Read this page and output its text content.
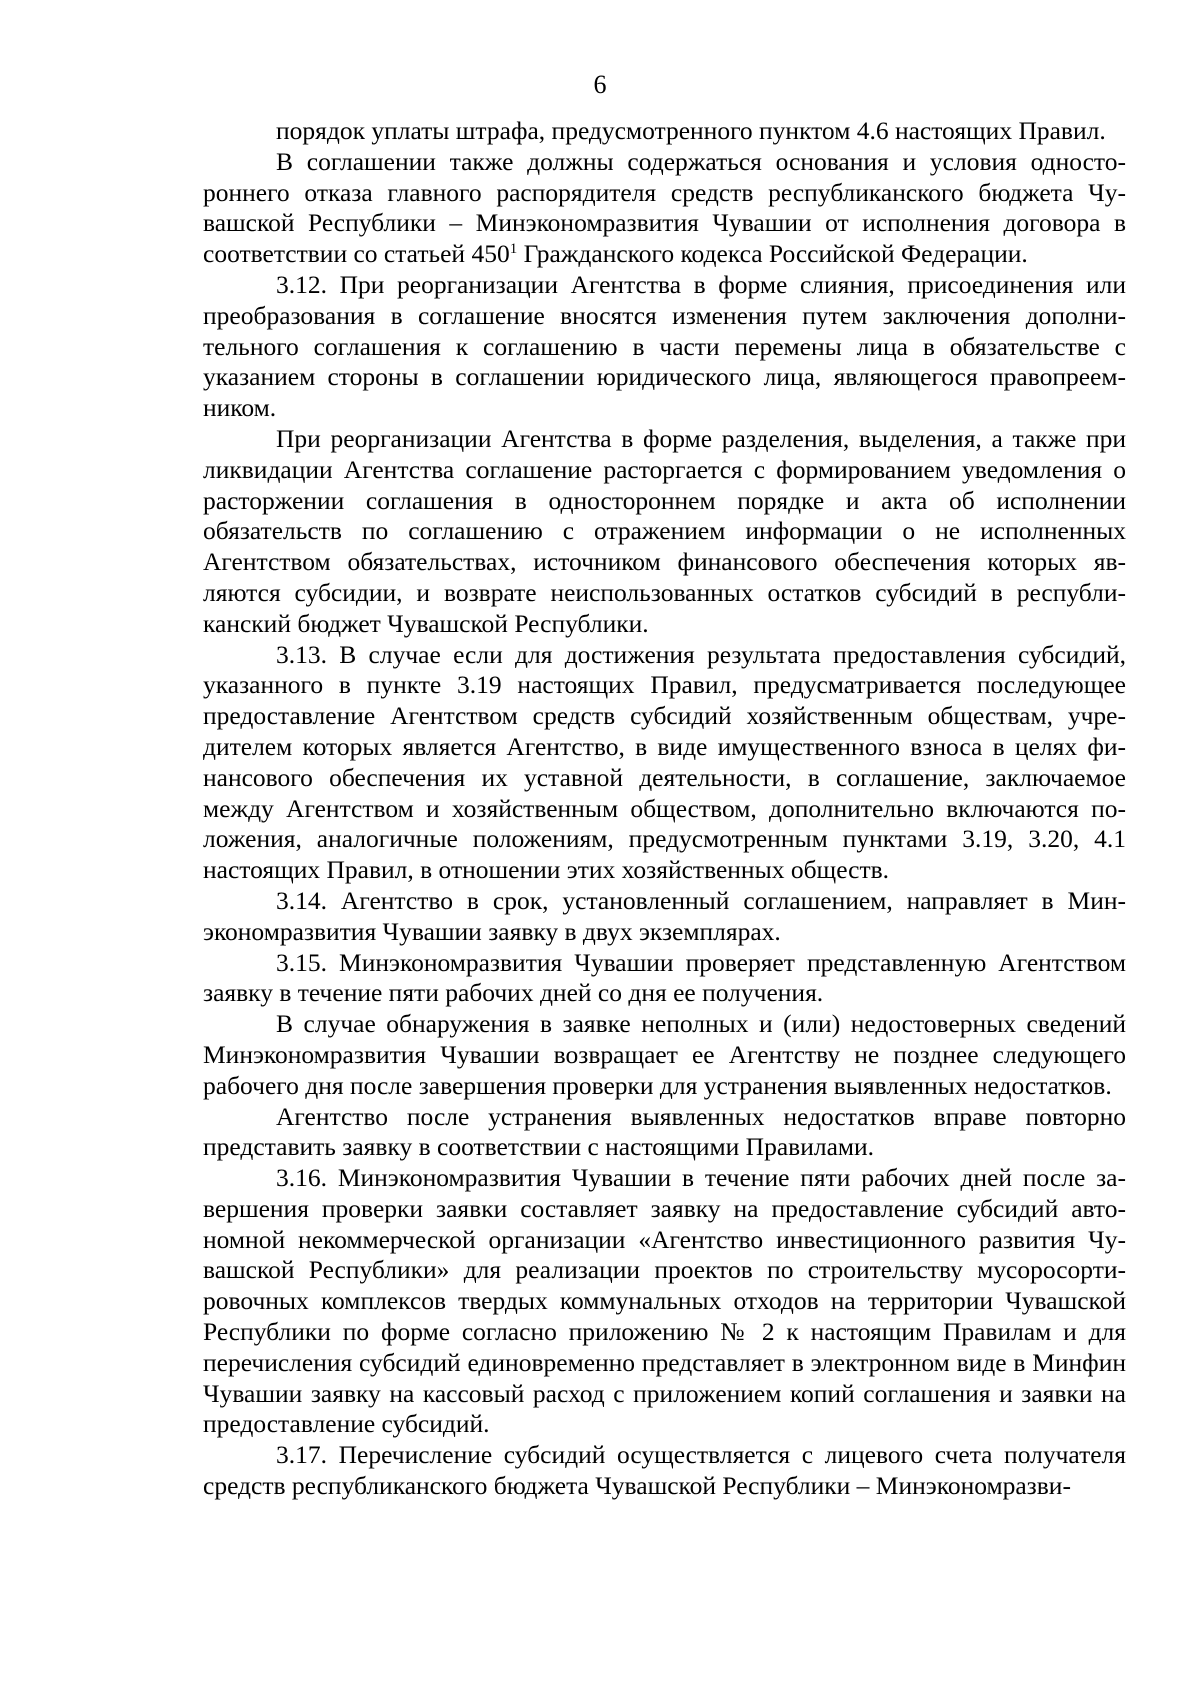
6

порядок уплаты штрафа, предусмотренного пунктом 4.6 настоящих Правил.

В соглашении также должны содержаться основания и условия одностороннего отказа главного распорядителя средств республиканского бюджета Чувашской Республики – Минэкономразвития Чувашии от исполнения договора в соответствии со статьей $450^1$ Гражданского кодекса Российской Федерации.

3.12. При реорганизации Агентства в форме слияния, присоединения или преобразования в соглашение вносятся изменения путем заключения дополнительного соглашения к соглашению в части перемены лица в обязательстве с указанием стороны в соглашении юридического лица, являющегося правопреемником.

При реорганизации Агентства в форме разделения, выделения, а также при ликвидации Агентства соглашение расторгается с формированием уведомления о расторжении соглашения в одностороннем порядке и акта об исполнении обязательств по соглашению с отражением информации о не исполненных Агентством обязательствах, источником финансового обеспечения которых являются субсидии, и возврате неиспользованных остатков субсидий в республиканский бюджет Чувашской Республики.

3.13. В случае если для достижения результата предоставления субсидий, указанного в пункте 3.19 настоящих Правил, предусматривается последующее предоставление Агентством средств субсидий хозяйственным обществам, учредителем которых является Агентство, в виде имущественного взноса в целях финансового обеспечения их уставной деятельности, в соглашение, заключаемое между Агентством и хозяйственным обществом, дополнительно включаются положения, аналогичные положениям, предусмотренным пунктами 3.19, 3.20, 4.1 настоящих Правил, в отношении этих хозяйственных обществ.

3.14. Агентство в срок, установленный соглашением, направляет в Минэкономразвития Чувашии заявку в двух экземплярах.

3.15. Минэкономразвития Чувашии проверяет представленную Агентством заявку в течение пяти рабочих дней со дня ее получения.

В случае обнаружения в заявке неполных и (или) недостоверных сведений Минэкономразвития Чувашии возвращает ее Агентству не позднее следующего рабочего дня после завершения проверки для устранения выявленных недостатков.

Агентство после устранения выявленных недостатков вправе повторно представить заявку в соответствии с настоящими Правилами.

3.16. Минэкономразвития Чувашии в течение пяти рабочих дней после завершения проверки заявки составляет заявку на предоставление субсидий автономной некоммерческой организации «Агентство инвестиционного развития Чувашской Республики» для реализации проектов по строительству мусоросортировочных комплексов твердых коммунальных отходов на территории Чувашской Республики по форме согласно приложению № 2 к настоящим Правилам и для перечисления субсидий единовременно представляет в электронном виде в Минфин Чувашии заявку на кассовый расход с приложением копий соглашения и заявки на предоставление субсидий.

3.17. Перечисление субсидий осуществляется с лицевого счета получателя средств республиканского бюджета Чувашской Республики – Минэкономразви-
